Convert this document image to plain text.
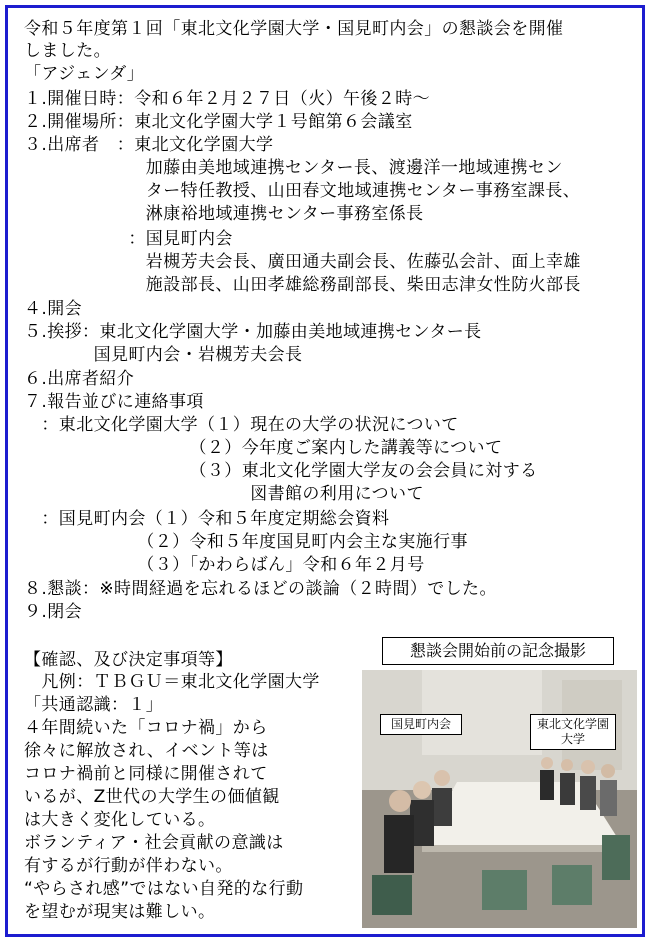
令和５年度第１回「東北文化学園大学・国見町内会」の懇談会を開催
しました。
「アジェンダ」
１.開催日時：令和６年２月２７日（火）午後２時～
２.開催場所：東北文化学園大学１号館第６会議室
３.出席者　：東北文化学園大学
　　　　　　　加藤由美地域連携センター長、渡邊洋一地域連携セン
　　　　　　　ター特任教授、山田春文地域連携センター事務室課長、
　　　　　　　淋康裕地域連携センター事務室係長
　　　　　　：国見町内会
　　　　　　　岩槻芳夫会長、廣田通夫副会長、佐藤弘会計、面上幸雄
　　　　　　　施設部長、山田孝雄総務副部長、柴田志津女性防火部長
４.開会
５.挨拶：東北文化学園大学・加藤由美地域連携センター長
　　　　国見町内会・岩槻芳夫会長
６.出席者紹介
７.報告並びに連絡事項
　：東北文化学園大学（１）現在の大学の状況について
　　　　　　　　　　（２）今年度ご案内した講義等について
　　　　　　　　　　（３）東北文化学園大学友の会会員に対する
　　　　　　　　　　　　　図書館の利用について
　：国見町内会（１）令和５年度定期総会資料
　　　　　　　（２）令和５年度国見町内会主な実施行事
　　　　　　　（３）「かわらばん」令和６年２月号
８.懇談：※時間経過を忘れるほどの談論（２時間）でした。
９.閉会
【確認、及び決定事項等】
　凡例：ＴＢＧＵ＝東北文化学園大学
「共通認識：１」
４年間続いた「コロナ禍」から
徐々に解放され、イベント等は
コロナ禍前と同様に開催されて
いるが、Z世代の大学生の価値観
は大きく変化している。
ボランティア・社会貢献の意識は
有するが行動が伴わない。
“やらされ感”ではない自発的な行動
を望むが現実は難しい。
懇談会開始前の記念撮影
国見町内会	東北文化学園大学
